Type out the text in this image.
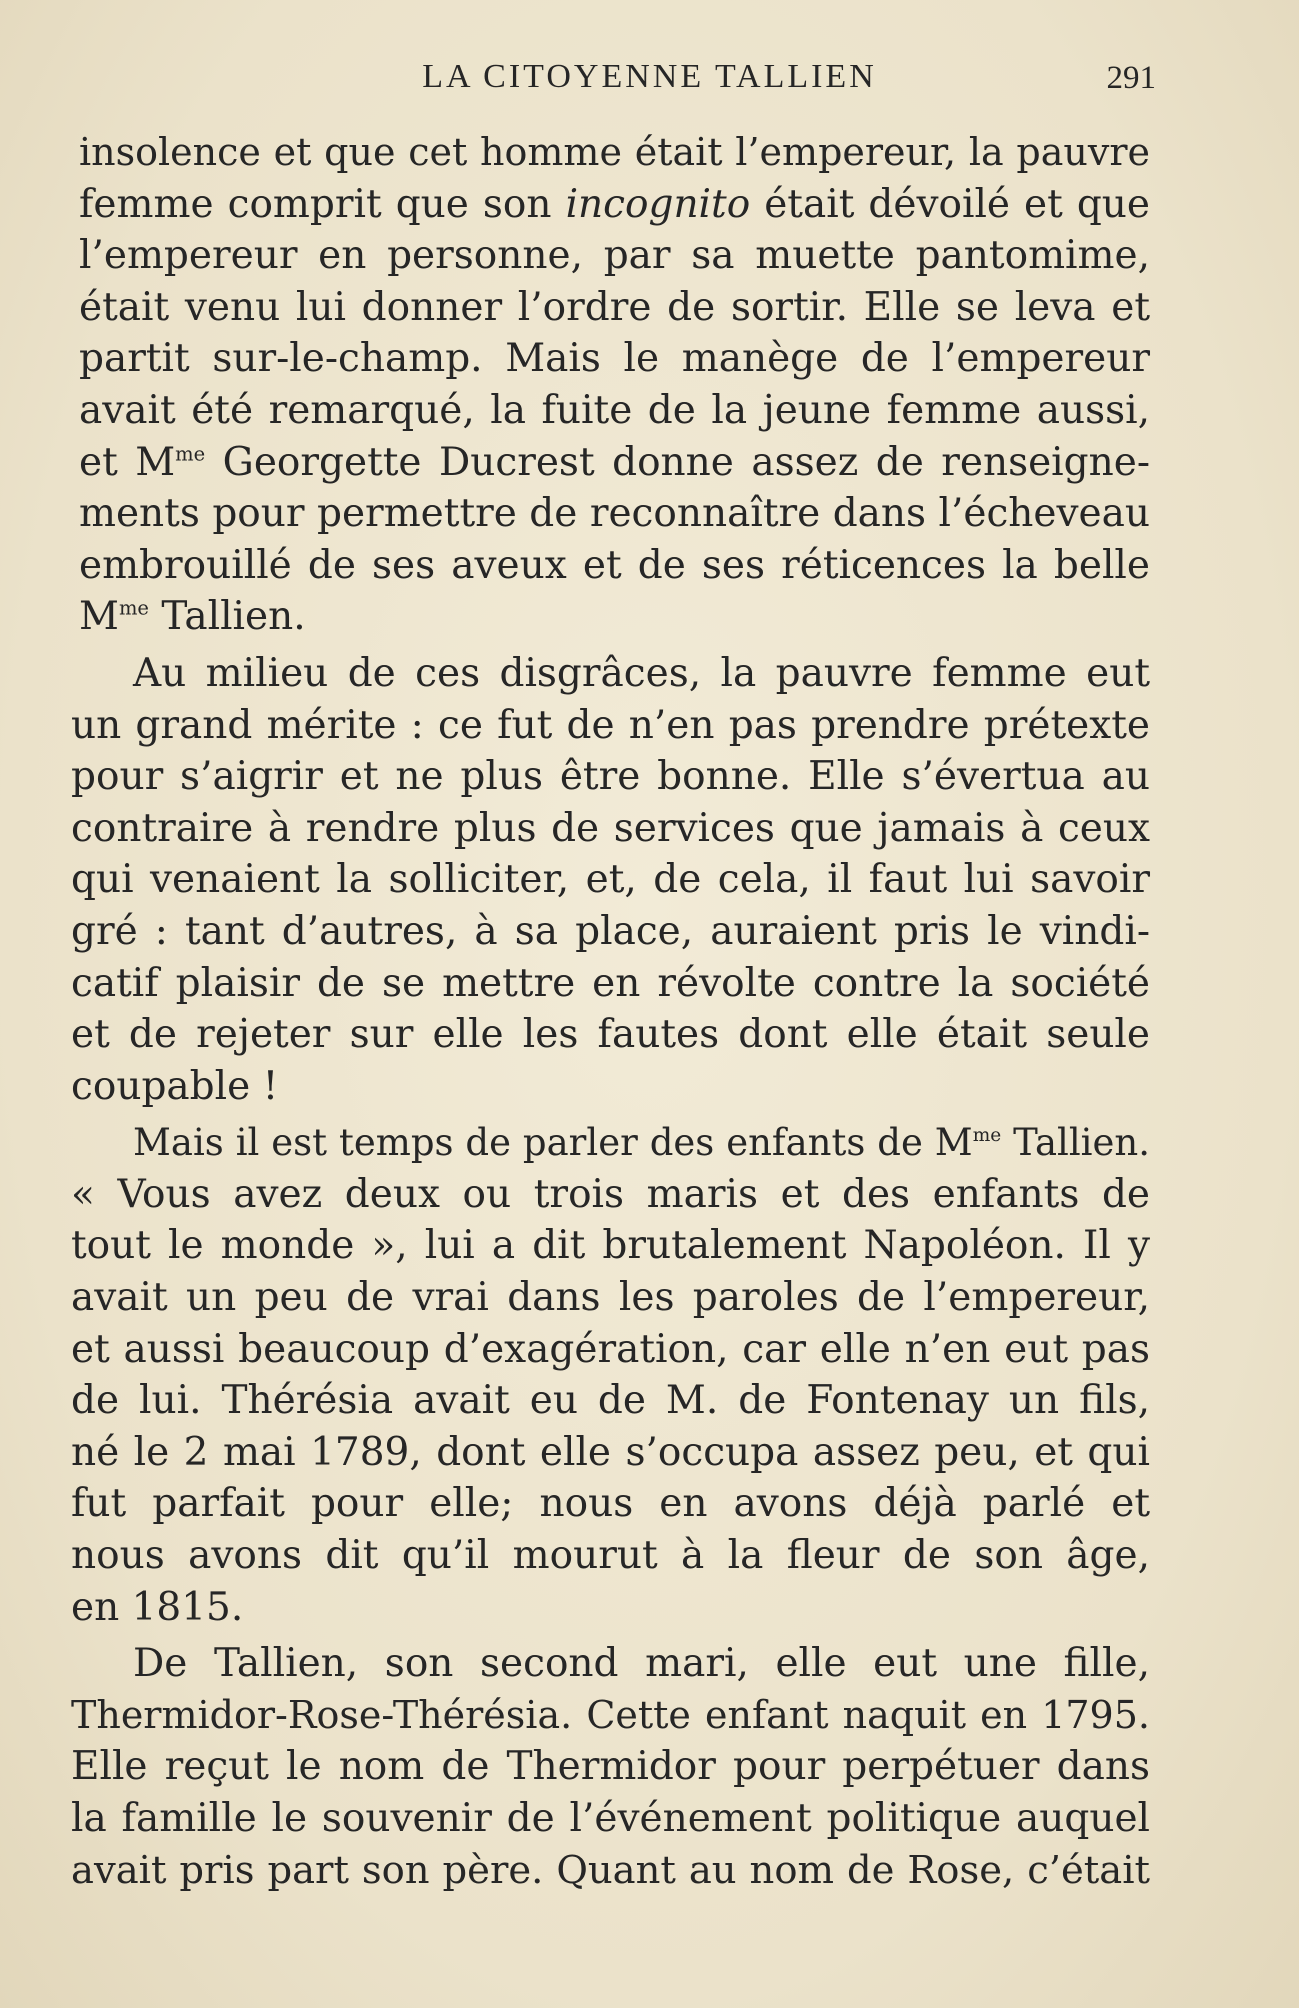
LA CITOYENNE TALLIEN	291
insolence et que cet homme était l’empereur, la pauvre
femme comprit que son incognito était dévoilé et que
l’empereur en personne, par sa muette pantomime,
était venu lui donner l’ordre de sortir. Elle se leva et
partit sur-le-champ. Mais le manège de l’empereur
avait été remarqué, la fuite de la jeune femme aussi,
et $M^{me}$ Georgette Ducrest donne assez de renseigne-
ments pour permettre de reconnaître dans l’écheveau
embrouillé de ses aveux et de ses réticences la belle
$M^{me}$ Tallien.
Au milieu de ces disgrâces, la pauvre femme eut
un grand mérite : ce fut de n’en pas prendre prétexte
pour s’aigrir et ne plus être bonne. Elle s’évertua au
contraire à rendre plus de services que jamais à ceux
qui venaient la solliciter, et, de cela, il faut lui savoir
gré : tant d’autres, à sa place, auraient pris le vindi-
catif plaisir de se mettre en révolte contre la société
et de rejeter sur elle les fautes dont elle était seule
coupable !
Mais il est temps de parler des enfants de $M^{me}$ Tallien.
« Vous avez deux ou trois maris et des enfants de
tout le monde », lui a dit brutalement Napoléon. Il y
avait un peu de vrai dans les paroles de l’empereur,
et aussi beaucoup d’exagération, car elle n’en eut pas
de lui. Thérésia avait eu de M. de Fontenay un fils,
né le 2 mai 1789, dont elle s’occupa assez peu, et qui
fut parfait pour elle; nous en avons déjà parlé et
nous avons dit qu’il mourut à la fleur de son âge,
en 1815.
De Tallien, son second mari, elle eut une fille,
Thermidor-Rose-Thérésia. Cette enfant naquit en 1795.
Elle reçut le nom de Thermidor pour perpétuer dans
la famille le souvenir de l’événement politique auquel
avait pris part son père. Quant au nom de Rose, c’était
